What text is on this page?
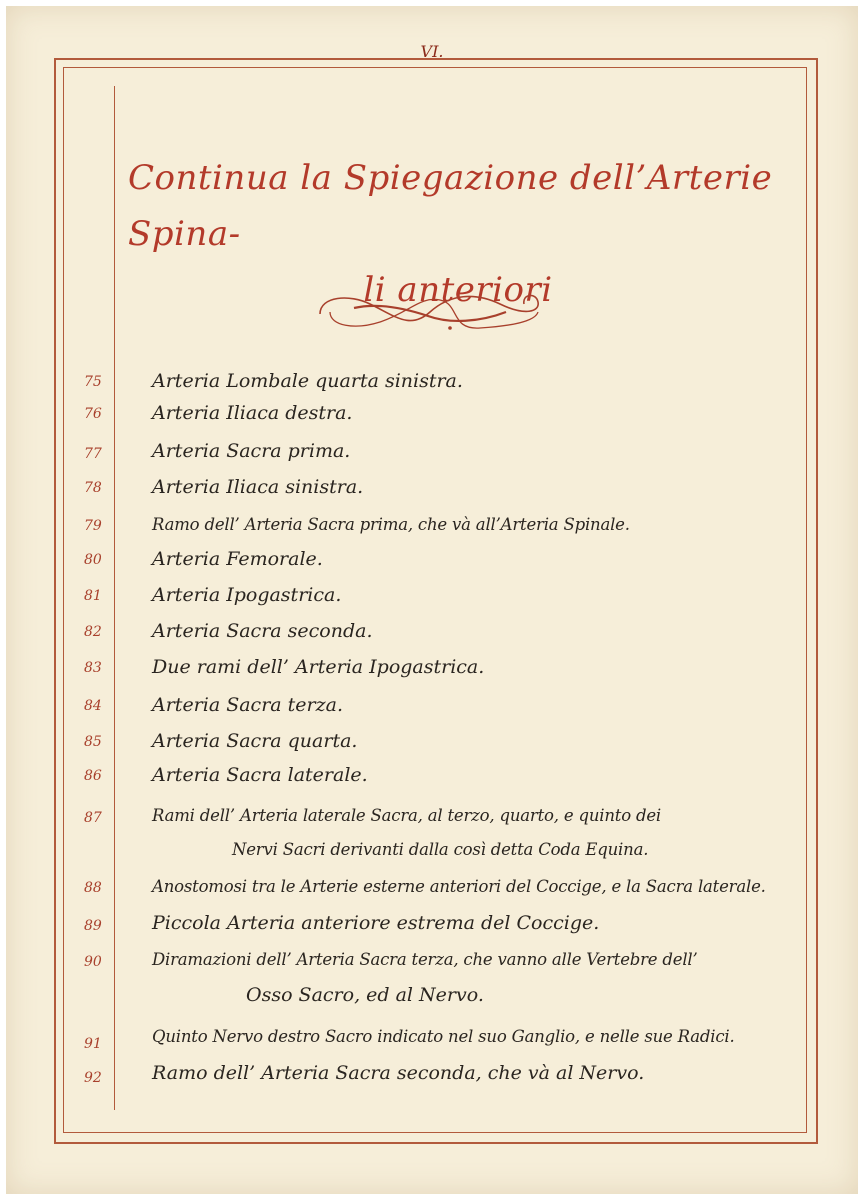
VI.
Continua la Spiegazione dell’Arterie Spina-
li anteriori
75	Arteria Lombale quarta sinistra.
76	Arteria Iliaca destra.
77	Arteria Sacra prima.
78	Arteria Iliaca sinistra.
79	Ramo dell’ Arteria Sacra prima, che và all’Arteria Spinale.
80	Arteria Femorale.
81	Arteria Ipogastrica.
82	Arteria Sacra seconda.
83	Due rami dell’ Arteria Ipogastrica.
84	Arteria Sacra terza.
85	Arteria Sacra quarta.
86	Arteria Sacra laterale.
87	Rami dell’ Arteria laterale Sacra, al terzo, quarto, e quinto dei
Nervi Sacri derivanti dalla così detta Coda Equina.
88	Anostomosi tra le Arterie esterne anteriori del Coccige, e la Sacra laterale.
89	Piccola Arteria anteriore estrema del Coccige.
90	Diramazioni dell’ Arteria Sacra terza, che vanno alle Vertebre dell’
Osso Sacro, ed al Nervo.
91	Quinto Nervo destro Sacro indicato nel suo Ganglio, e nelle sue Radici.
92	Ramo dell’ Arteria Sacra seconda, che và al Nervo.
